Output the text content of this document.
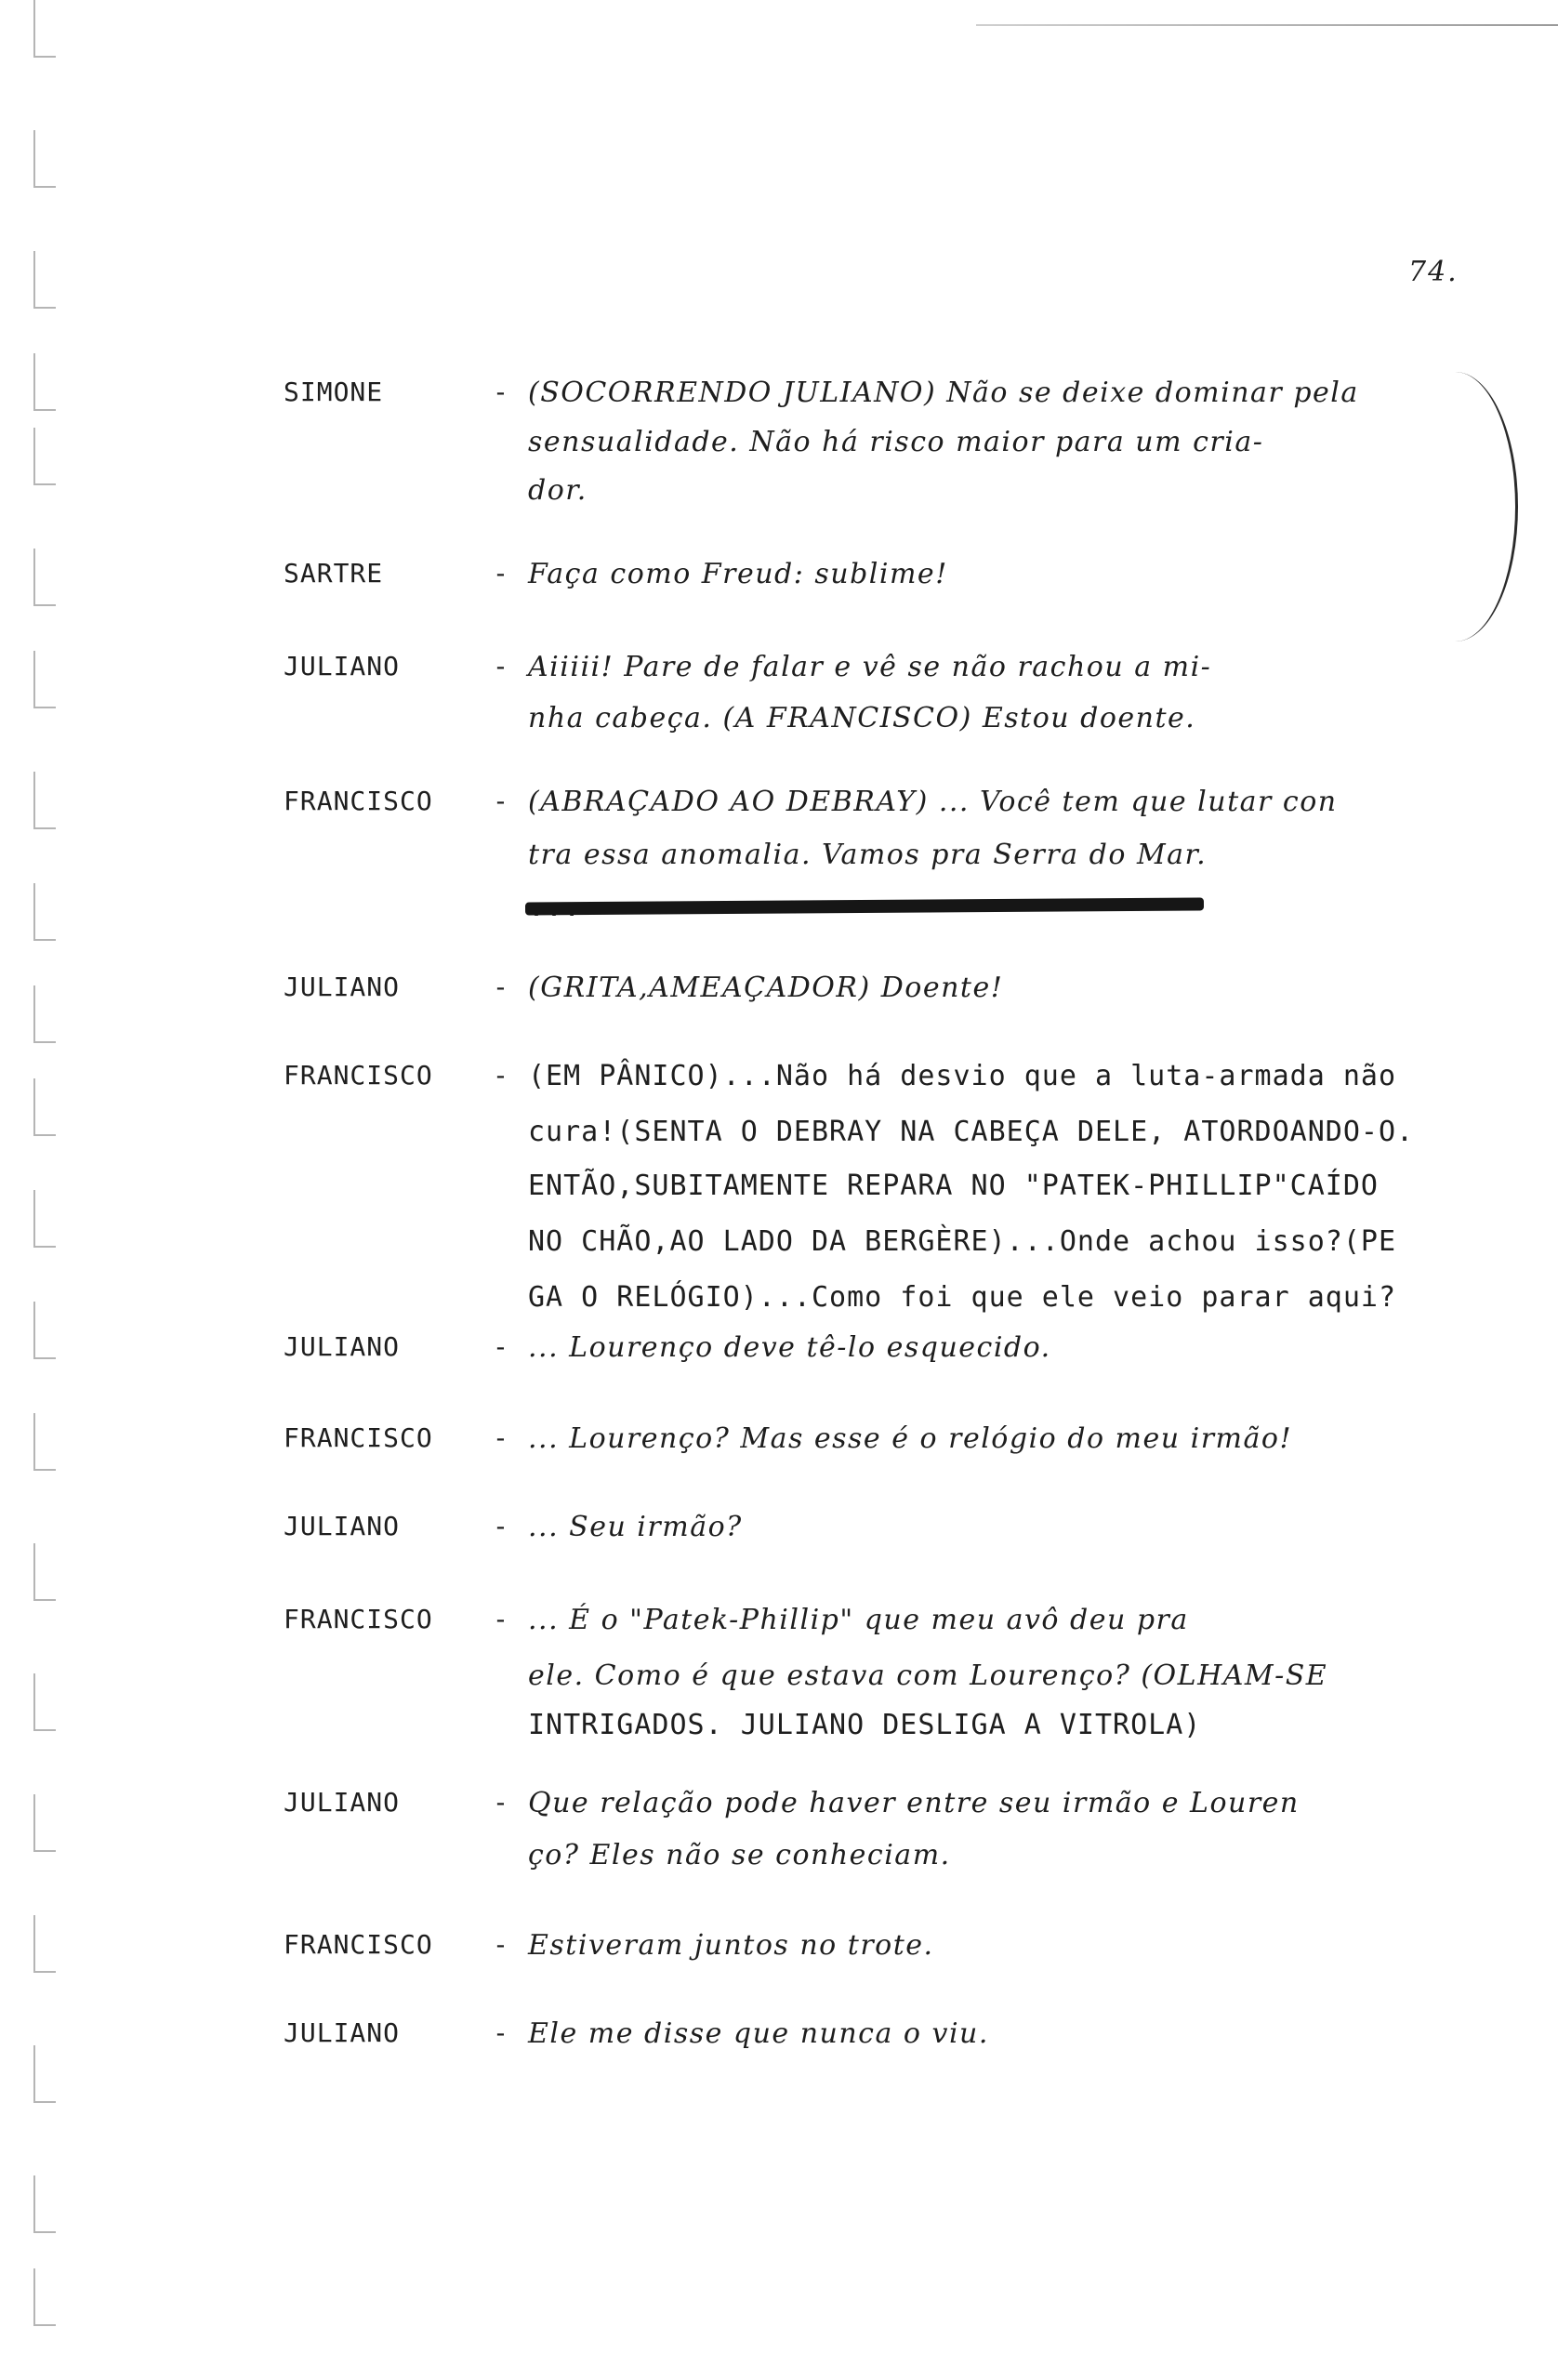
74.
SIMONE	- (SOCORRENDO JULIANO) Não se deixe dominar pela
sensualidade. Não há risco maior para um cria-
dor.
SARTRE	- Faça como Freud: sublime!
JULIANO	- Aiiiii! Pare de falar e vê se não rachou a mi-
nha cabeça. (A FRANCISCO) Estou doente.
FRANCISCO - (ABRAÇADO AO DEBRAY) ... Você tem que lutar con
tra essa anomalia. Vamos pra Serra do Mar.
JULIANO	- (GRITA,AMEAÇADOR) Doente!
FRANCISCO - (EM PÂNICO)...Não há desvio que a luta-armada não
cura!(SENTA O DEBRAY NA CABEÇA DELE, ATORDOANDO-O.
ENTÃO,SUBITAMENTE REPARA NO "PATEK-PHILLIP"CAÍDO
NO CHÃO,AO LADO DA BERGÈRE)...Onde achou isso?(PE
GA O RELÓGIO)...Como foi que ele veio parar aqui?
JULIANO	- ... Lourenço deve tê-lo esquecido.
FRANCISCO - ... Lourenço? Mas esse é o relógio do meu irmão!
JULIANO	- ... Seu irmão?
FRANCISCO - ... É o "Patek-Phillip" que meu avô deu pra
ele. Como é que estava com Lourenço? (OLHAM-SE
INTRIGADOS. JULIANO DESLIGA A VITROLA)
JULIANO	- Que relação pode haver entre seu irmão e Louren
ço? Eles não se conheciam.
FRANCISCO - Estiveram juntos no trote.
JULIANO	- Ele me disse que nunca o viu.
